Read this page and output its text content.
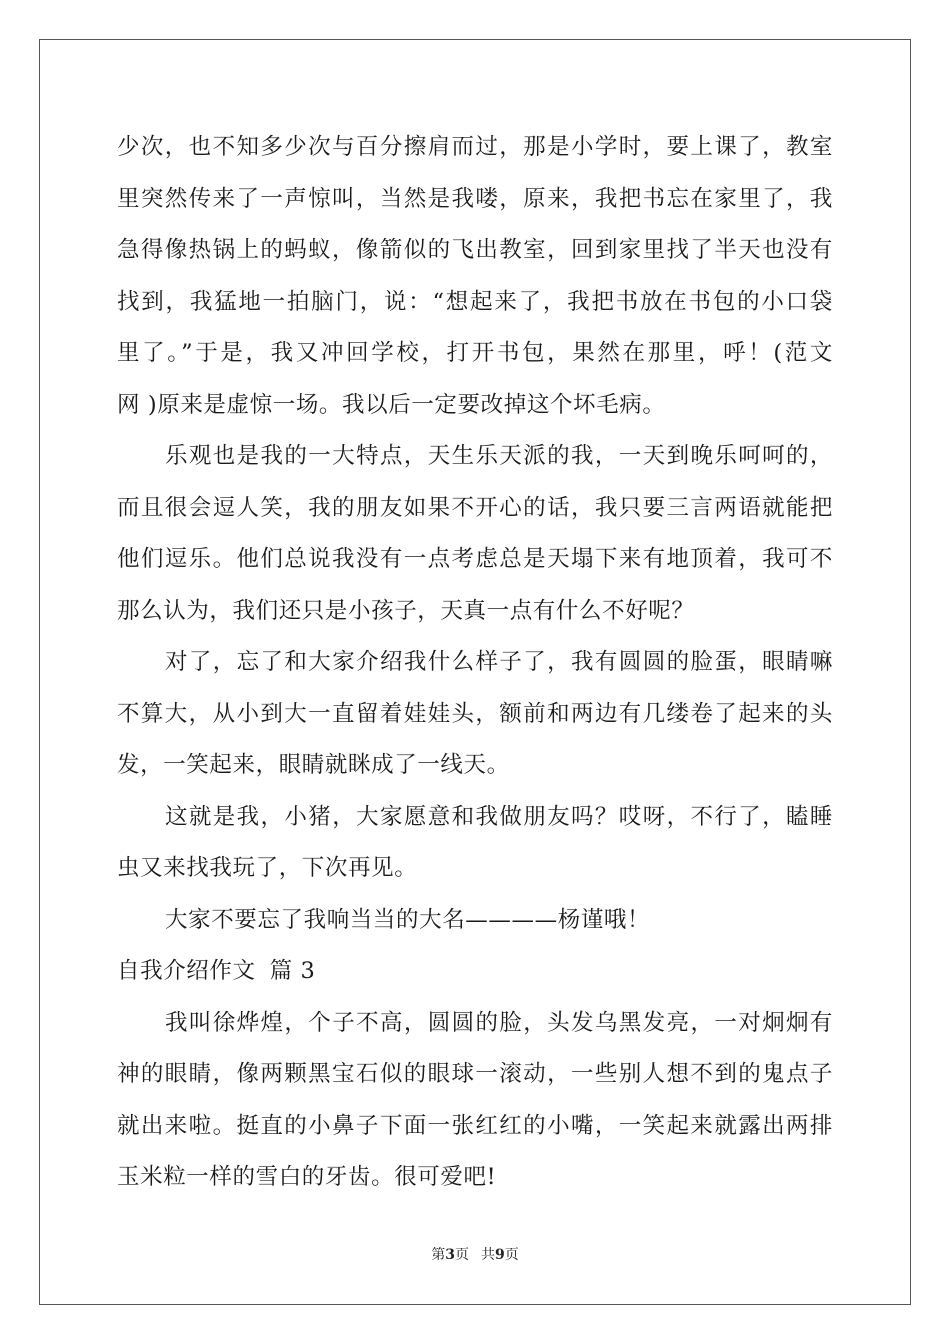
少次，也不知多少次与百分擦肩而过，那是小学时，要上课了，教室
里突然传来了一声惊叫，当然是我喽，原来，我把书忘在家里了，我
急得像热锅上的蚂蚁，像箭似的飞出教室，回到家里找了半天也没有
找到，我猛地一拍脑门，说：“想起来了，我把书放在书包的小口袋
里了。”于是，我又冲回学校，打开书包，果然在那里，呼！(范文
网 )原来是虚惊一场。我以后一定要改掉这个坏毛病。
乐观也是我的一大特点，天生乐天派的我，一天到晚乐呵呵的，
而且很会逗人笑，我的朋友如果不开心的话，我只要三言两语就能把
他们逗乐。他们总说我没有一点考虑总是天塌下来有地顶着，我可不
那么认为，我们还只是小孩子，天真一点有什么不好呢？
对了，忘了和大家介绍我什么样子了，我有圆圆的脸蛋，眼睛嘛
不算大，从小到大一直留着娃娃头，额前和两边有几缕卷了起来的头
发，一笑起来，眼睛就眯成了一线天。
这就是我，小猪，大家愿意和我做朋友吗？哎呀，不行了，瞌睡
虫又来找我玩了，下次再见。
大家不要忘了我响当当的大名————杨谨哦！
自我介绍作文 篇 3
我叫徐烨煌，个子不高，圆圆的脸，头发乌黑发亮，一对炯炯有
神的眼睛，像两颗黑宝石似的眼球一滚动，一些别人想不到的鬼点子
就出来啦。挺直的小鼻子下面一张红红的小嘴，一笑起来就露出两排
玉米粒一样的雪白的牙齿。很可爱吧!
第3页 共9页
